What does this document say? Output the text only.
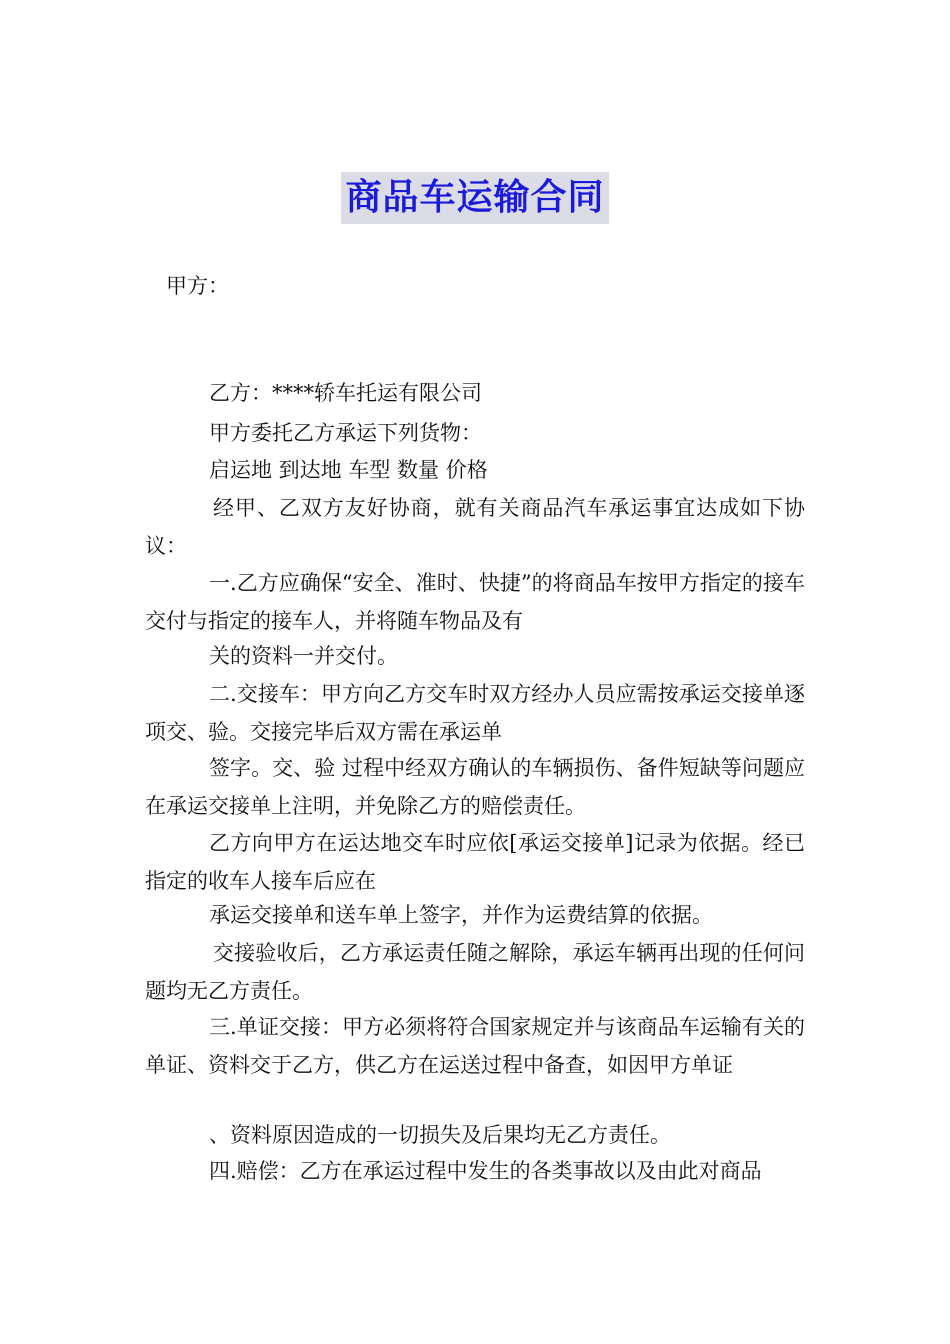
商品车运输合同

甲方：

乙方：****轿车托运有限公司

甲方委托乙方承运下列货物：

启运地 到达地 车型 数量 价格

经甲、乙双方友好协商，就有关商品汽车承运事宜达成如下协议：

一.乙方应确保“安全、准时、快捷”的将商品车按甲方指定的接车交付与指定的接车人，并将随车物品及有

关的资料一并交付。

二.交接车：甲方向乙方交车时双方经办人员应需按承运交接单逐项交、验。交接完毕后双方需在承运单

签字。交、验 过程中经双方确认的车辆损伤、备件短缺等问题应在承运交接单上注明，并免除乙方的赔偿责任。

乙方向甲方在运达地交车时应依[承运交接单]记录为依据。经已指定的收车人接车后应在

承运交接单和送车单上签字，并作为运费结算的依据。

交接验收后，乙方承运责任随之解除，承运车辆再出现的任何问题均无乙方责任。

三.单证交接：甲方必须将符合国家规定并与该商品车运输有关的单证、资料交于乙方，供乙方在运送过程中备查，如因甲方单证

、资料原因造成的一切损失及后果均无乙方责任。

四.赔偿：乙方在承运过程中发生的各类事故以及由此对商品
